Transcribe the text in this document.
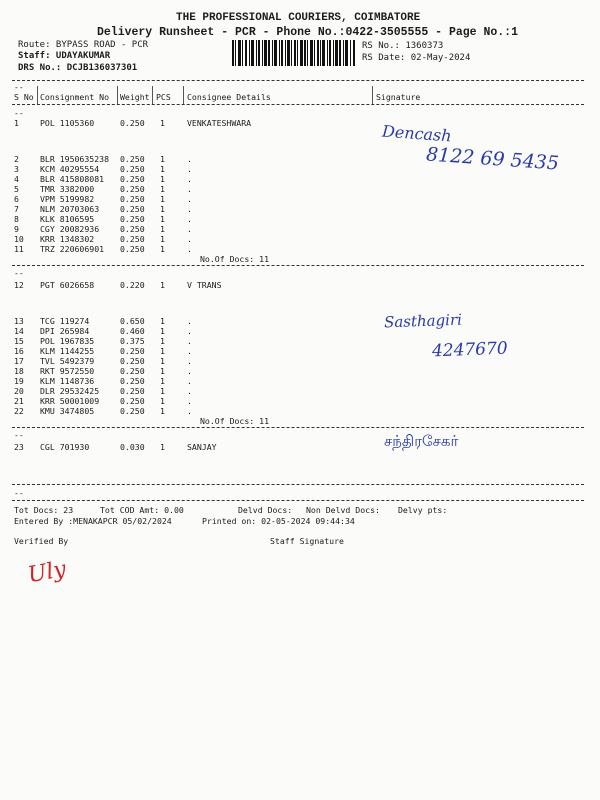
THE PROFESSIONAL COURIERS, COIMBATORE
Delivery Runsheet - PCR - Phone No.:0422-3505555 - Page No.:1
Route: BYPASS ROAD - PCR
Staff: UDAYAKUMAR
DRS No.: DCJB136037301
RS No.: 1360373
RS Date: 02-May-2024
--
S No Consignment No Weight PCS Consignee Details	Signature
--
1	POL 1105360	0.250 1	VENKATESHWARA
2	BLR 1950635238 0.250 1	.
3	KCM 40295554	0.250 1	.
4	BLR 415808081 0.250 1	.
5	TMR 3382000	0.250 1	.
6	VPM 5199982	0.250 1	.
7	NLM 20703063	0.250 1	.
8	KLK 8106595	0.250 1	.
9	CGY 20082936	0.250 1	.
10 KRR 1348302	0.250 1	.
11 TRZ 220606901 0.250 1	.
No.Of Docs: 11
Dencash
8122 69 5435
--
12 PGT 6026658	0.220 1	V TRANS
13 TCG 119274	0.650 1	.
14 DPI 265984	0.460 1	.
15 POL 1967835	0.375 1	.
16 KLM 1144255	0.250 1	.
17 TVL 5492379	0.250 1	.
18 RKT 9572550	0.250 1	.
19 KLM 1148736	0.250 1	.
20 DLR 29532425	0.250 1	.
21 KRR 50001009	0.250 1	.
22 KMU 3474805	0.250 1	.
No.Of Docs: 11
Sasthagiri
4247670
--
23 CGL 701930	0.030 1	SANJAY	சந்திரசேகர்
--
Tot Docs: 23	Tot COD Amt: 0.00	Delvd Docs: Non Delvd Docs: Delvy pts:
Entered By :MENAKAPCR 05/02/2024	Printed on: 02-05-2024 09:44:34
Verified By	Staff Signature
Uly
